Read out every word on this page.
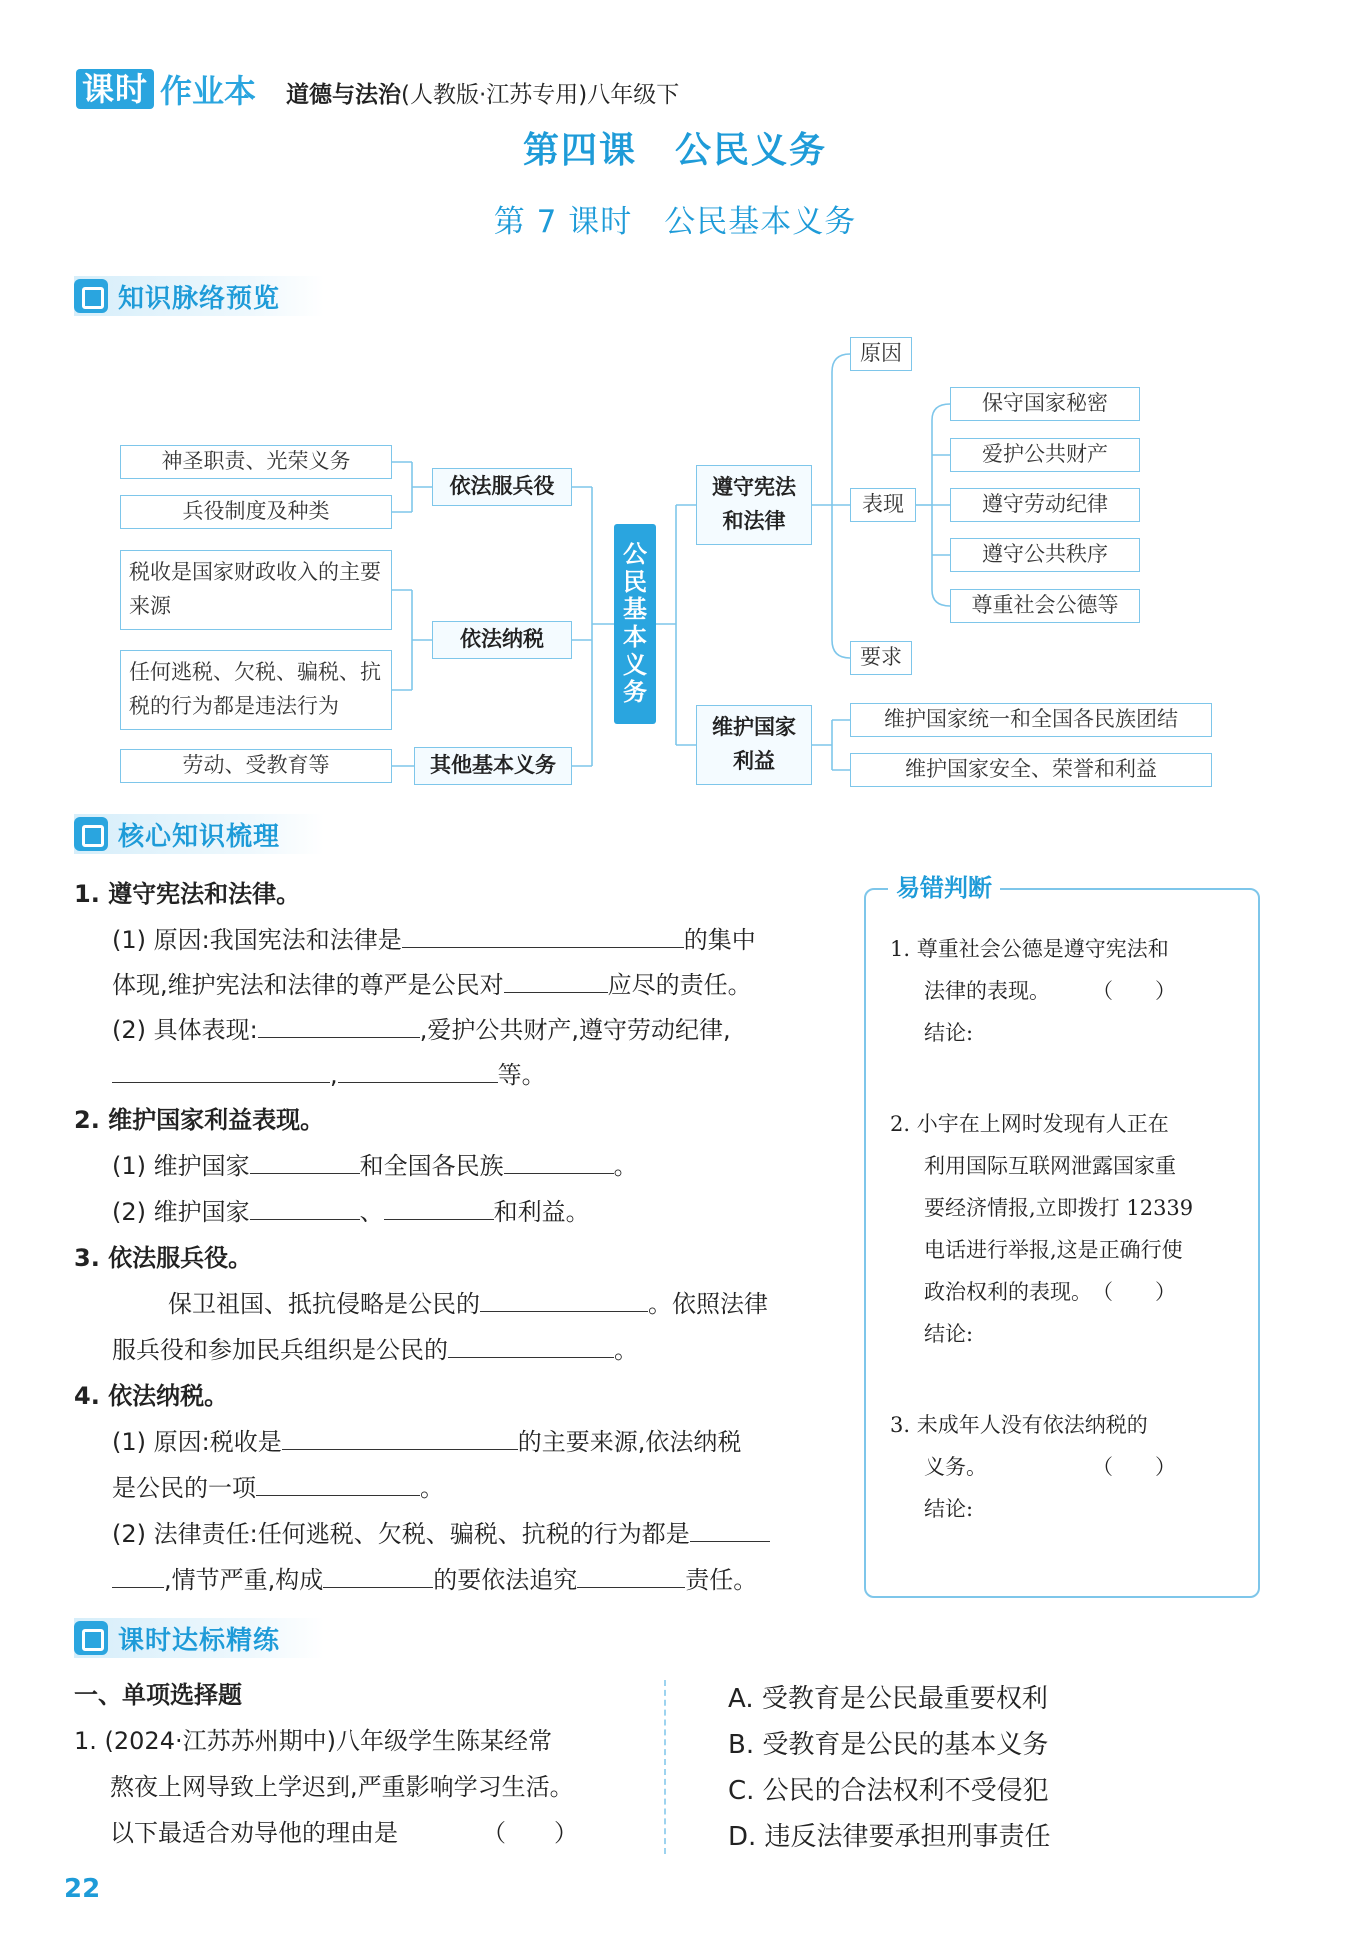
课时 作业本 道德与法治(人教版·江苏专用)八年级下
第四课　公民义务
第 7 课时　公民基本义务
知识脉络预览
神圣职责、光荣义务
兵役制度及种类
依法服兵役
税收是国家财政收入的主要来源
任何逃税、欠税、骗税、抗税的行为都是违法行为
依法纳税
劳动、受教育等	其他基本义务
公民基本义务
遵守宪法和法律
原因
表现
要求
保守国家秘密
爱护公共财产
遵守劳动纪律
遵守公共秩序
尊重社会公德等
维护国家利益
维护国家统一和全国各民族团结
维护国家安全、荣誉和利益
核心知识梳理
1. 遵守宪法和法律。
(1) 原因:我国宪法和法律是	的集中
体现,维护宪法和法律的尊严是公民对	应尽的责任。
(2) 具体表现:	,爱护公共财产,遵守劳动纪律,
,	等。
2. 维护国家利益表现。
(1) 维护国家	和全国各民族	。
(2) 维护国家	、	和利益。
3. 依法服兵役。
保卫祖国、抵抗侵略是公民的	。依照法律
服兵役和参加民兵组织是公民的	。
4. 依法纳税。
(1) 原因:税收是	的主要来源,依法纳税
是公民的一项	。
(2) 法律责任:任何逃税、欠税、骗税、抗税的行为都是
,情节严重,构成	的要依法追究	责任。
易错判断
1. 尊重社会公德是遵守宪法和
法律的表现。　　　（　　）
结论:
2. 小宇在上网时发现有人正在
利用国际互联网泄露国家重
要经济情报,立即拨打 12339
电话进行举报,这是正确行使
政治权利的表现。　（　　）
结论:
3. 未成年人没有依法纳税的
义务。　　　　　　（　　）
结论:
课时达标精练
一、单项选择题
1. (2024·江苏苏州期中)八年级学生陈某经常
熬夜上网导致上学迟到,严重影响学习生活。
以下最适合劝导他的理由是　　　　（　　）
A. 受教育是公民最重要权利
B. 受教育是公民的基本义务
C. 公民的合法权利不受侵犯
D. 违反法律要承担刑事责任
22
